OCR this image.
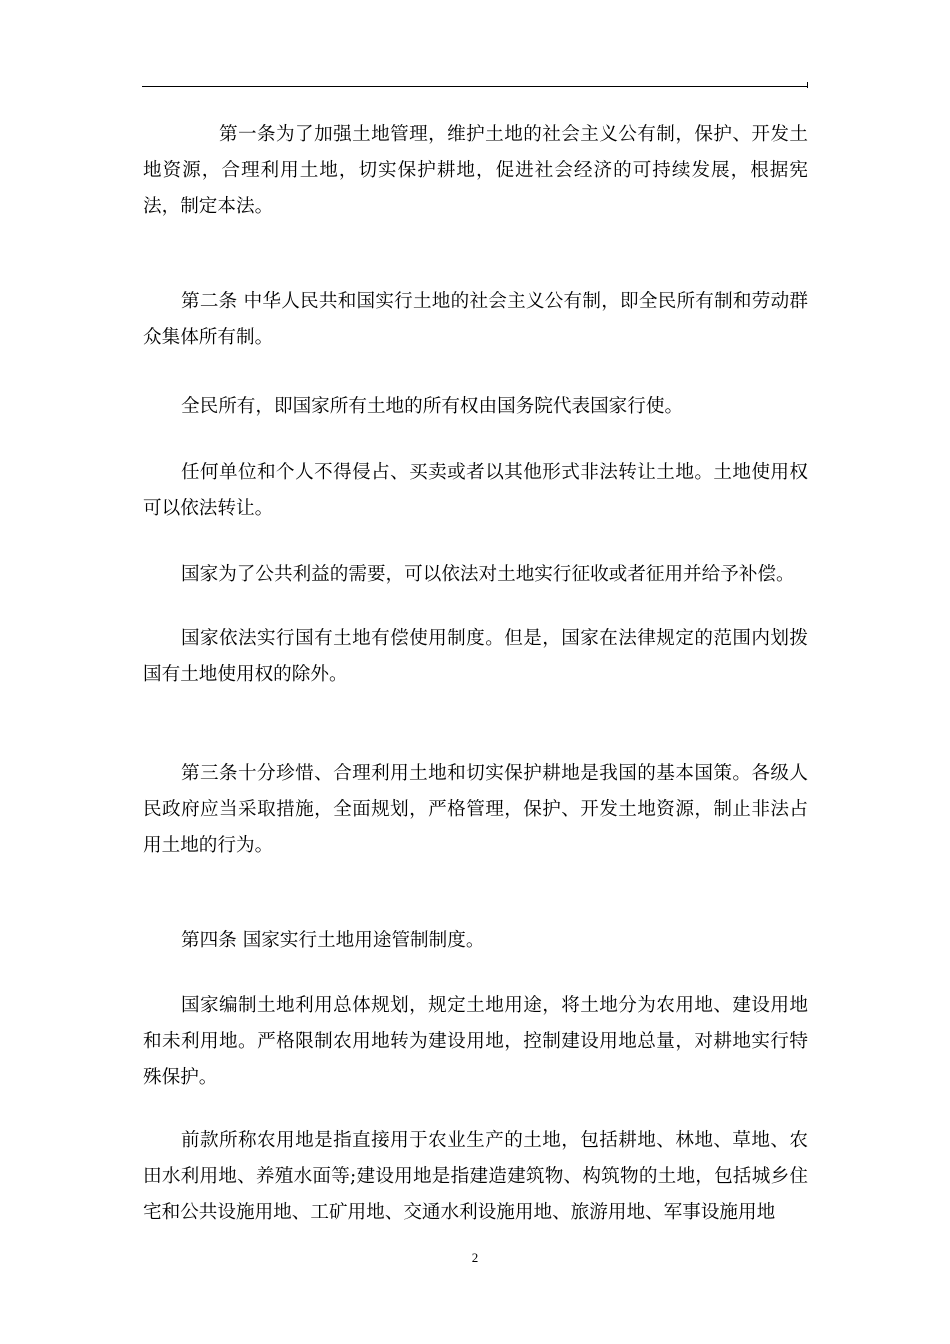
第一条为了加强土地管理，维护土地的社会主义公有制，保护、开发土地资源，合理利用土地，切实保护耕地，促进社会经济的可持续发展，根据宪法，制定本法。

第二条 中华人民共和国实行土地的社会主义公有制，即全民所有制和劳动群众集体所有制。

全民所有，即国家所有土地的所有权由国务院代表国家行使。

任何单位和个人不得侵占、买卖或者以其他形式非法转让土地。土地使用权可以依法转让。

国家为了公共利益的需要，可以依法对土地实行征收或者征用并给予补偿。

国家依法实行国有土地有偿使用制度。但是，国家在法律规定的范围内划拨国有土地使用权的除外。

第三条十分珍惜、合理利用土地和切实保护耕地是我国的基本国策。各级人民政府应当采取措施，全面规划，严格管理，保护、开发土地资源，制止非法占用土地的行为。

第四条 国家实行土地用途管制制度。

国家编制土地利用总体规划，规定土地用途，将土地分为农用地、建设用地和未利用地。严格限制农用地转为建设用地，控制建设用地总量，对耕地实行特殊保护。

前款所称农用地是指直接用于农业生产的土地，包括耕地、林地、草地、农田水利用地、养殖水面等;建设用地是指建造建筑物、构筑物的土地，包括城乡住宅和公共设施用地、工矿用地、交通水利设施用地、旅游用地、军事设施用地

2
